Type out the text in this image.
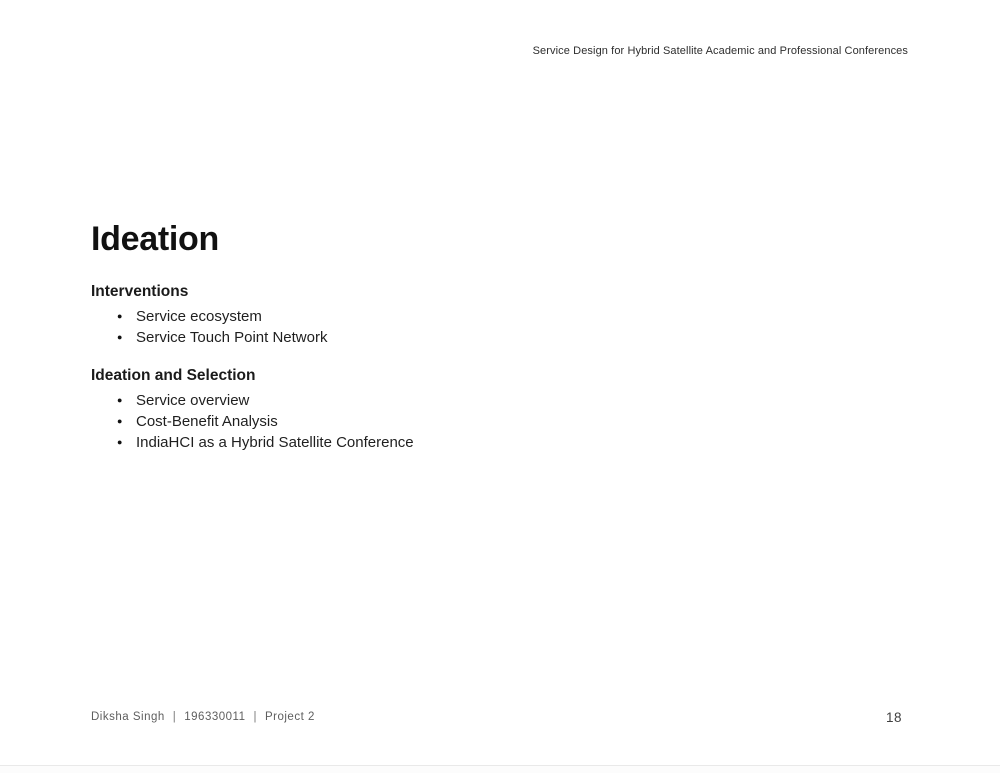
Service Design for Hybrid Satellite Academic and Professional Conferences
Ideation
Interventions
● Service ecosystem
● Service Touch Point Network
Ideation and Selection
● Service overview
● Cost-Benefit Analysis
● IndiaHCI as a Hybrid Satellite Conference
Diksha Singh | 196330011 | Project 2	18
